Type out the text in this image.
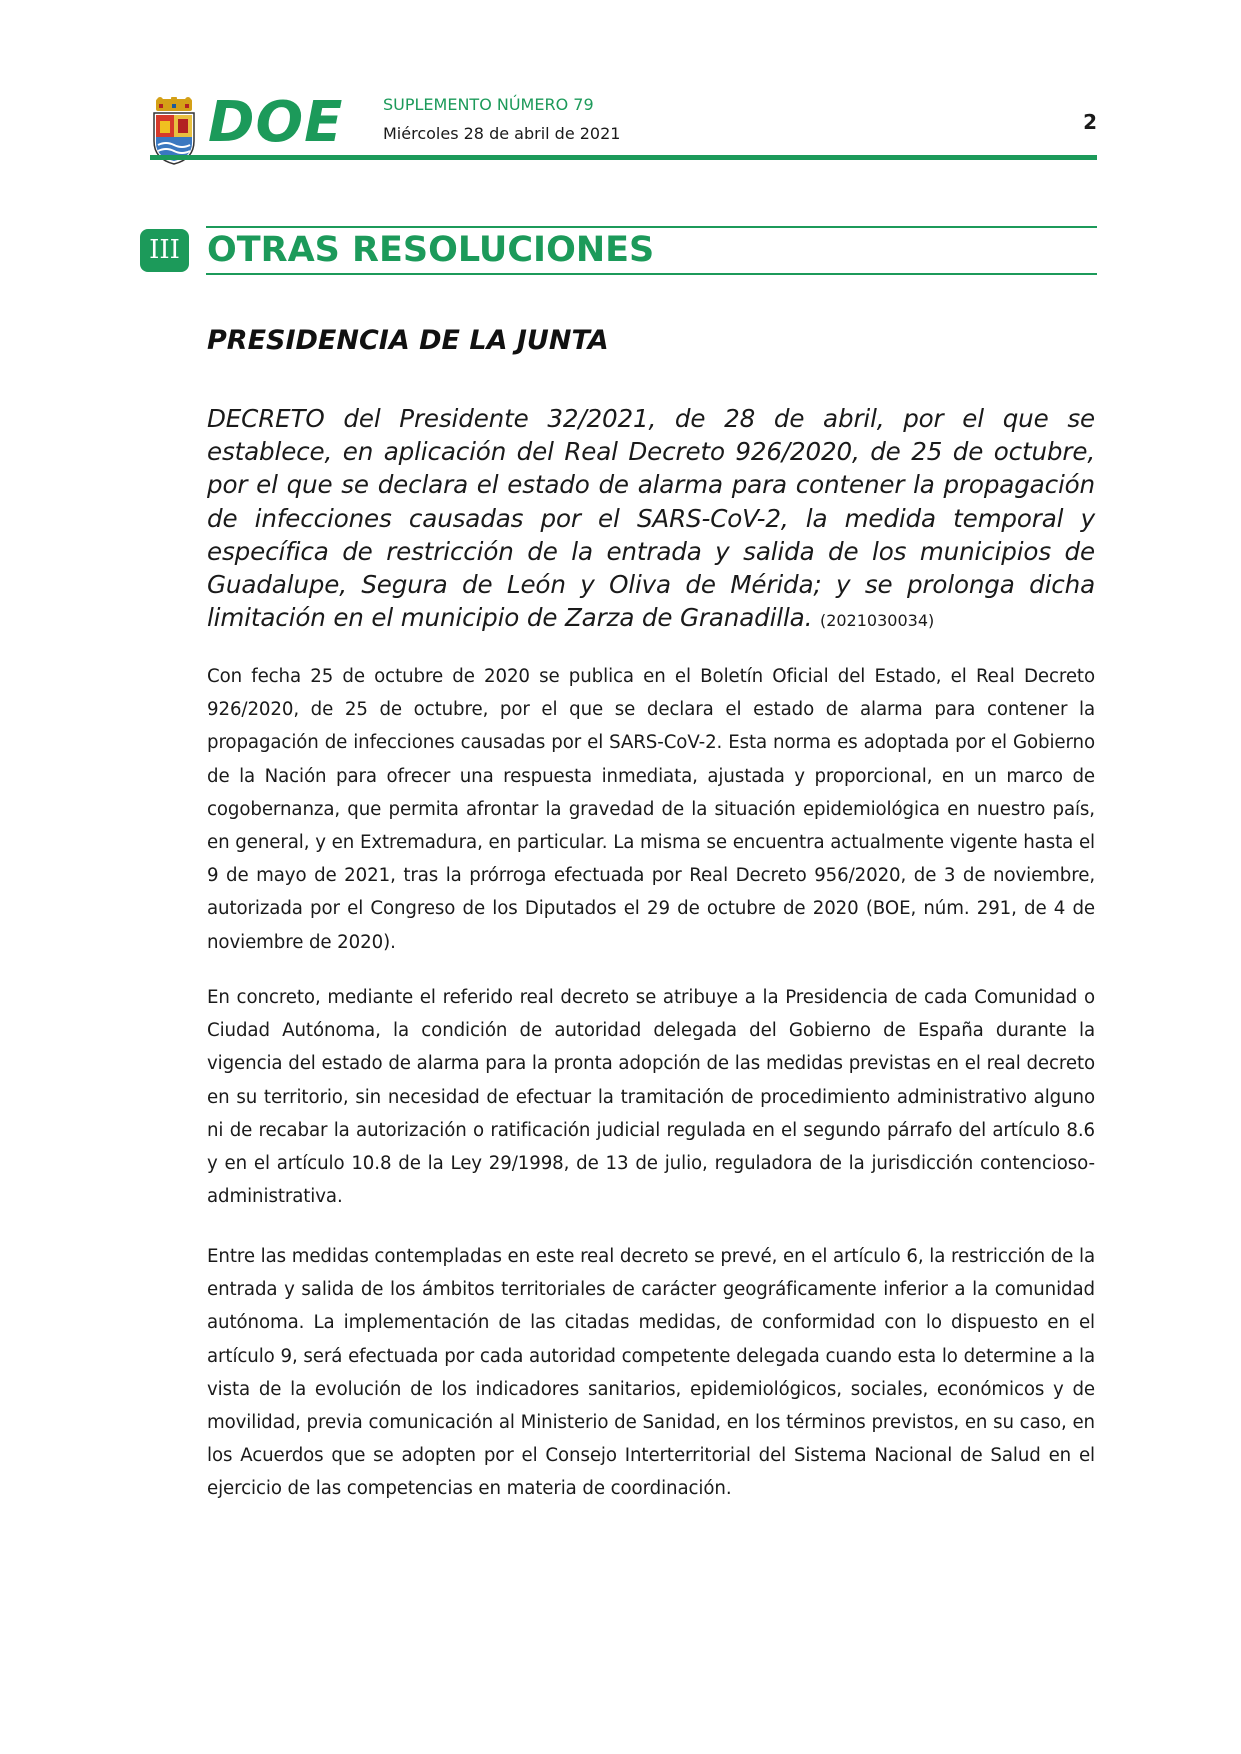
DOE SUPLEMENTO NÚMERO 79
Miércoles 28 de abril de 2021	2
III OTRAS RESOLUCIONES
PRESIDENCIA DE LA JUNTA
DECRETO del Presidente 32/2021, de 28 de abril, por el que se establece, en aplicación del Real Decreto 926/2020, de 25 de octubre, por el que se declara el estado de alarma para contener la propagación de infecciones causadas por el SARS-CoV-2, la medida temporal y específica de restricción de la entrada y salida de los municipios de Guadalupe, Segura de León y Oliva de Mérida; y se prolonga dicha limitación en el municipio de Zarza de Granadilla. (2021030034)
Con fecha 25 de octubre de 2020 se publica en el Boletín Oficial del Estado, el Real Decreto 926/2020, de 25 de octubre, por el que se declara el estado de alarma para contener la propagación de infecciones causadas por el SARS-CoV-2. Esta norma es adoptada por el Gobierno de la Nación para ofrecer una respuesta inmediata, ajustada y proporcional, en un marco de cogobernanza, que permita afrontar la gravedad de la situación epidemiológica en nuestro país, en general, y en Extremadura, en particular. La misma se encuentra actualmente vigente hasta el 9 de mayo de 2021, tras la prórroga efectuada por Real Decreto 956/2020, de 3 de noviembre, autorizada por el Congreso de los Diputados el 29 de octubre de 2020 (BOE, núm. 291, de 4 de noviembre de 2020).
En concreto, mediante el referido real decreto se atribuye a la Presidencia de cada Comunidad o Ciudad Autónoma, la condición de autoridad delegada del Gobierno de España durante la vigencia del estado de alarma para la pronta adopción de las medidas previstas en el real decreto en su territorio, sin necesidad de efectuar la tramitación de procedimiento administrativo alguno ni de recabar la autorización o ratificación judicial regulada en el segundo párrafo del artículo 8.6 y en el artículo 10.8 de la Ley 29/1998, de 13 de julio, reguladora de la jurisdicción contencioso-administrativa.
Entre las medidas contempladas en este real decreto se prevé, en el artículo 6, la restricción de la entrada y salida de los ámbitos territoriales de carácter geográficamente inferior a la comunidad autónoma. La implementación de las citadas medidas, de conformidad con lo dispuesto en el artículo 9, será efectuada por cada autoridad competente delegada cuando esta lo determine a la vista de la evolución de los indicadores sanitarios, epidemiológicos, sociales, económicos y de movilidad, previa comunicación al Ministerio de Sanidad, en los términos previstos, en su caso, en los Acuerdos que se adopten por el Consejo Interterritorial del Sistema Nacional de Salud en el ejercicio de las competencias en materia de coordinación.
